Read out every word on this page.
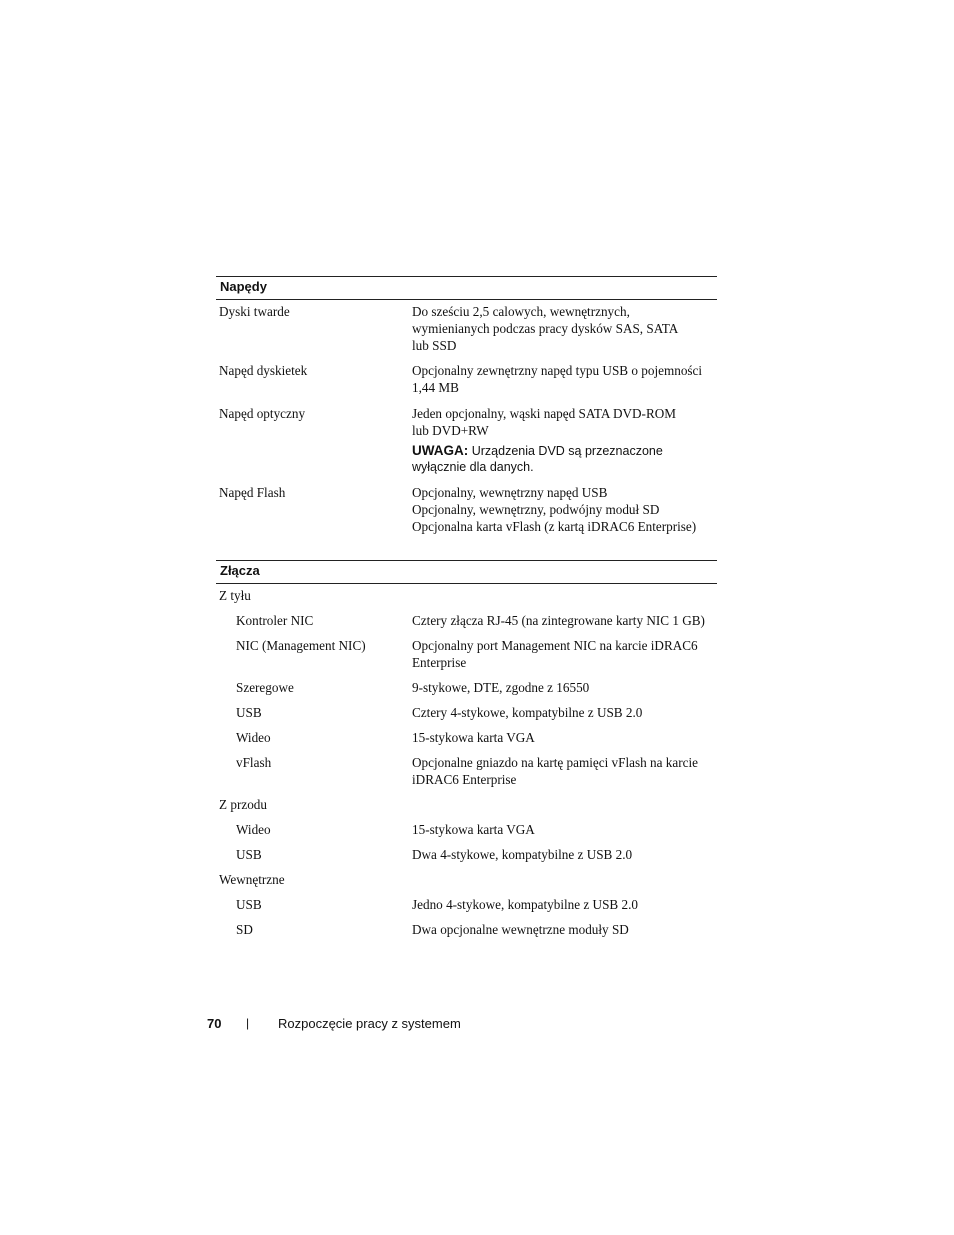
Napędy
Dyski twarde	Do sześciu 2,5 calowych, wewnętrznych,
wymienianych podczas pracy dysków SAS, SATA
lub SSD
Napęd dyskietek	Opcjonalny zewnętrzny napęd typu USB o pojemności
1,44 MB
Napęd optyczny	Jeden opcjonalny, wąski napęd SATA DVD-ROM
lub DVD+RW
UWAGA: Urządzenia DVD są przeznaczone
wyłącznie dla danych.
Napęd Flash	Opcjonalny, wewnętrzny napęd USB
Opcjonalny, wewnętrzny, podwójny moduł SD
Opcjonalna karta vFlash (z kartą iDRAC6 Enterprise)
Złącza
Z tyłu
Kontroler NIC	Cztery złącza RJ-45 (na zintegrowane karty NIC 1 GB)
NIC (Management NIC)	Opcjonalny port Management NIC na karcie iDRAC6
Enterprise
Szeregowe	9-stykowe, DTE, zgodne z 16550
USB	Cztery 4-stykowe, kompatybilne z USB 2.0
Wideo	15-stykowa karta VGA
vFlash	Opcjonalne gniazdo na kartę pamięci vFlash na karcie
iDRAC6 Enterprise
Z przodu
Wideo	15-stykowa karta VGA
USB	Dwa 4-stykowe, kompatybilne z USB 2.0
Wewnętrzne
USB	Jedno 4-stykowe, kompatybilne z USB 2.0
SD	Dwa opcjonalne wewnętrzne moduły SD
70 | Rozpoczęcie pracy z systemem
